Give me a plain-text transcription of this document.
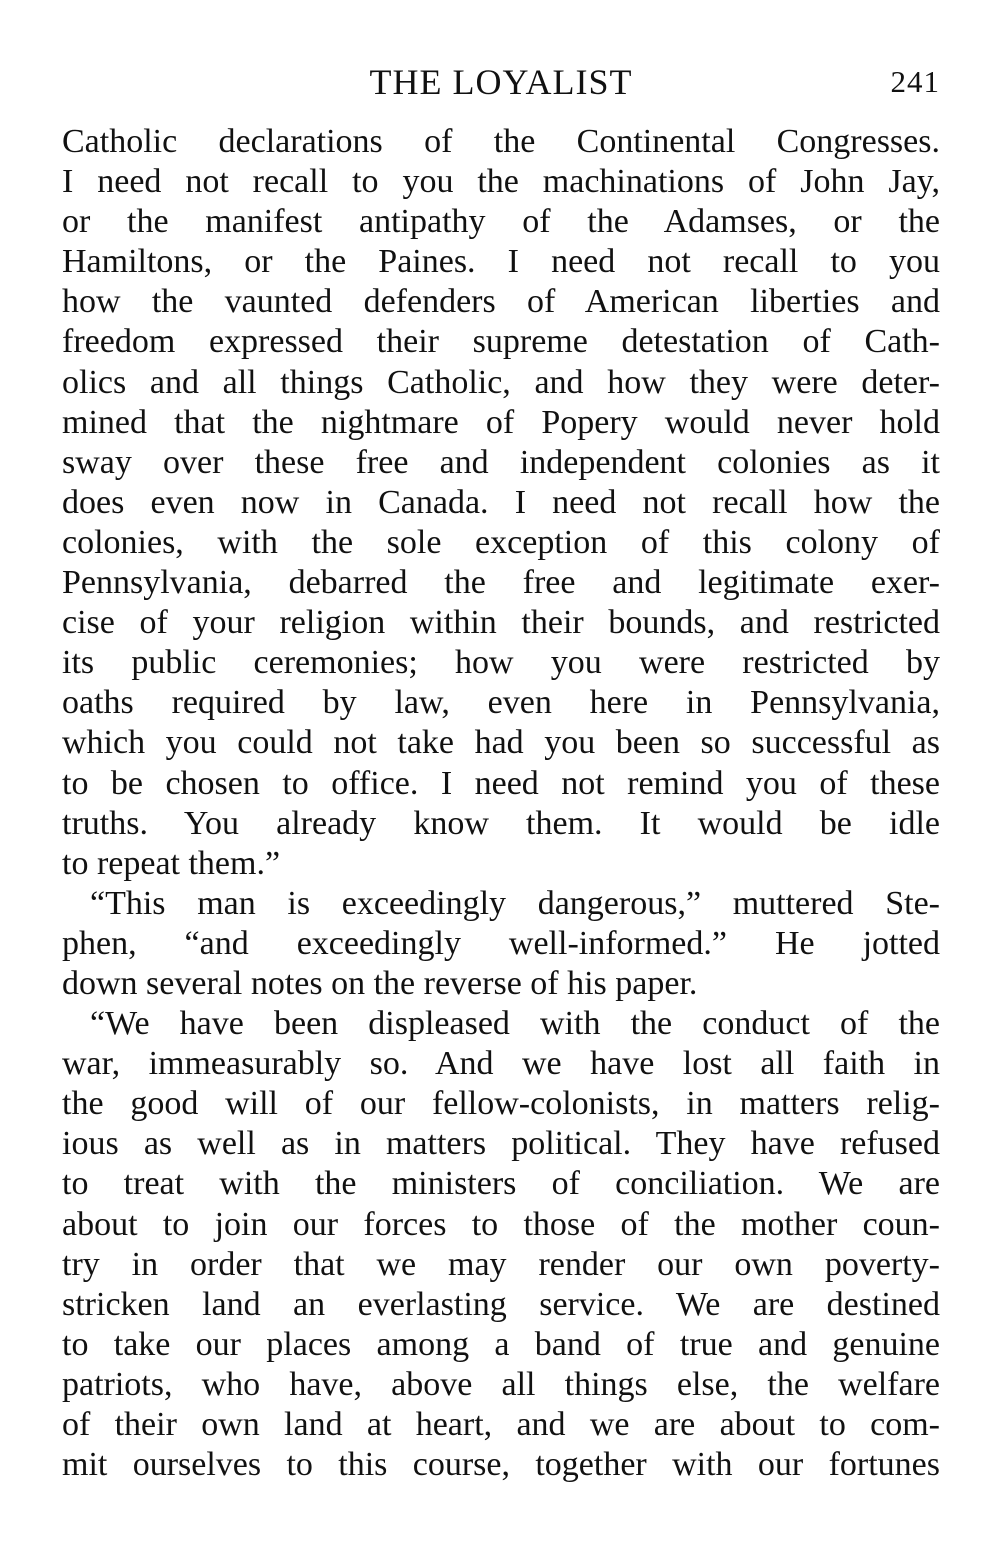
THE LOYALIST	241
Catholic declarations of the Continental Congresses.
I need not recall to you the machinations of John Jay,
or the manifest antipathy of the Adamses, or the
Hamiltons, or the Paines. I need not recall to you
how the vaunted defenders of American liberties and
freedom expressed their supreme detestation of Cath-
olics and all things Catholic, and how they were deter-
mined that the nightmare of Popery would never hold
sway over these free and independent colonies as it
does even now in Canada. I need not recall how the
colonies, with the sole exception of this colony of
Pennsylvania, debarred the free and legitimate exer-
cise of your religion within their bounds, and restricted
its public ceremonies; how you were restricted by
oaths required by law, even here in Pennsylvania,
which you could not take had you been so successful as
to be chosen to office. I need not remind you of these
truths. You already know them. It would be idle
to repeat them.”
“This man is exceedingly dangerous,” muttered Ste-
phen, “and exceedingly well-informed.” He jotted
down several notes on the reverse of his paper.
“We have been displeased with the conduct of the
war, immeasurably so. And we have lost all faith in
the good will of our fellow-colonists, in matters relig-
ious as well as in matters political. They have refused
to treat with the ministers of conciliation. We are
about to join our forces to those of the mother coun-
try in order that we may render our own poverty-
stricken land an everlasting service. We are destined
to take our places among a band of true and genuine
patriots, who have, above all things else, the welfare
of their own land at heart, and we are about to com-
mit ourselves to this course, together with our fortunes
